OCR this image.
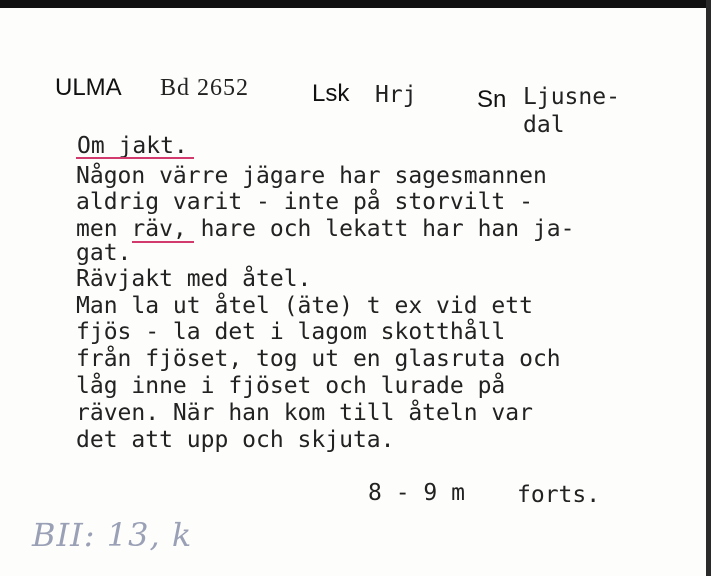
ULMA Bd 2652	Lsk Hrj	Sn Ljusne-
dal
Om jakt.
Någon värre jägare har sagesmannen
aldrig varit - inte på storvilt -
men räv, hare och lekatt har han ja-
gat.
Rävjakt med åtel.
Man la ut åtel (äte) t ex vid ett
fjös - la det i lagom skotthåll
från fjöset, tog ut en glasruta och
låg inne i fjöset och lurade på
räven. När han kom till åteln var
det att upp och skjuta.
8 - 9 m forts.
BII: 13, k
